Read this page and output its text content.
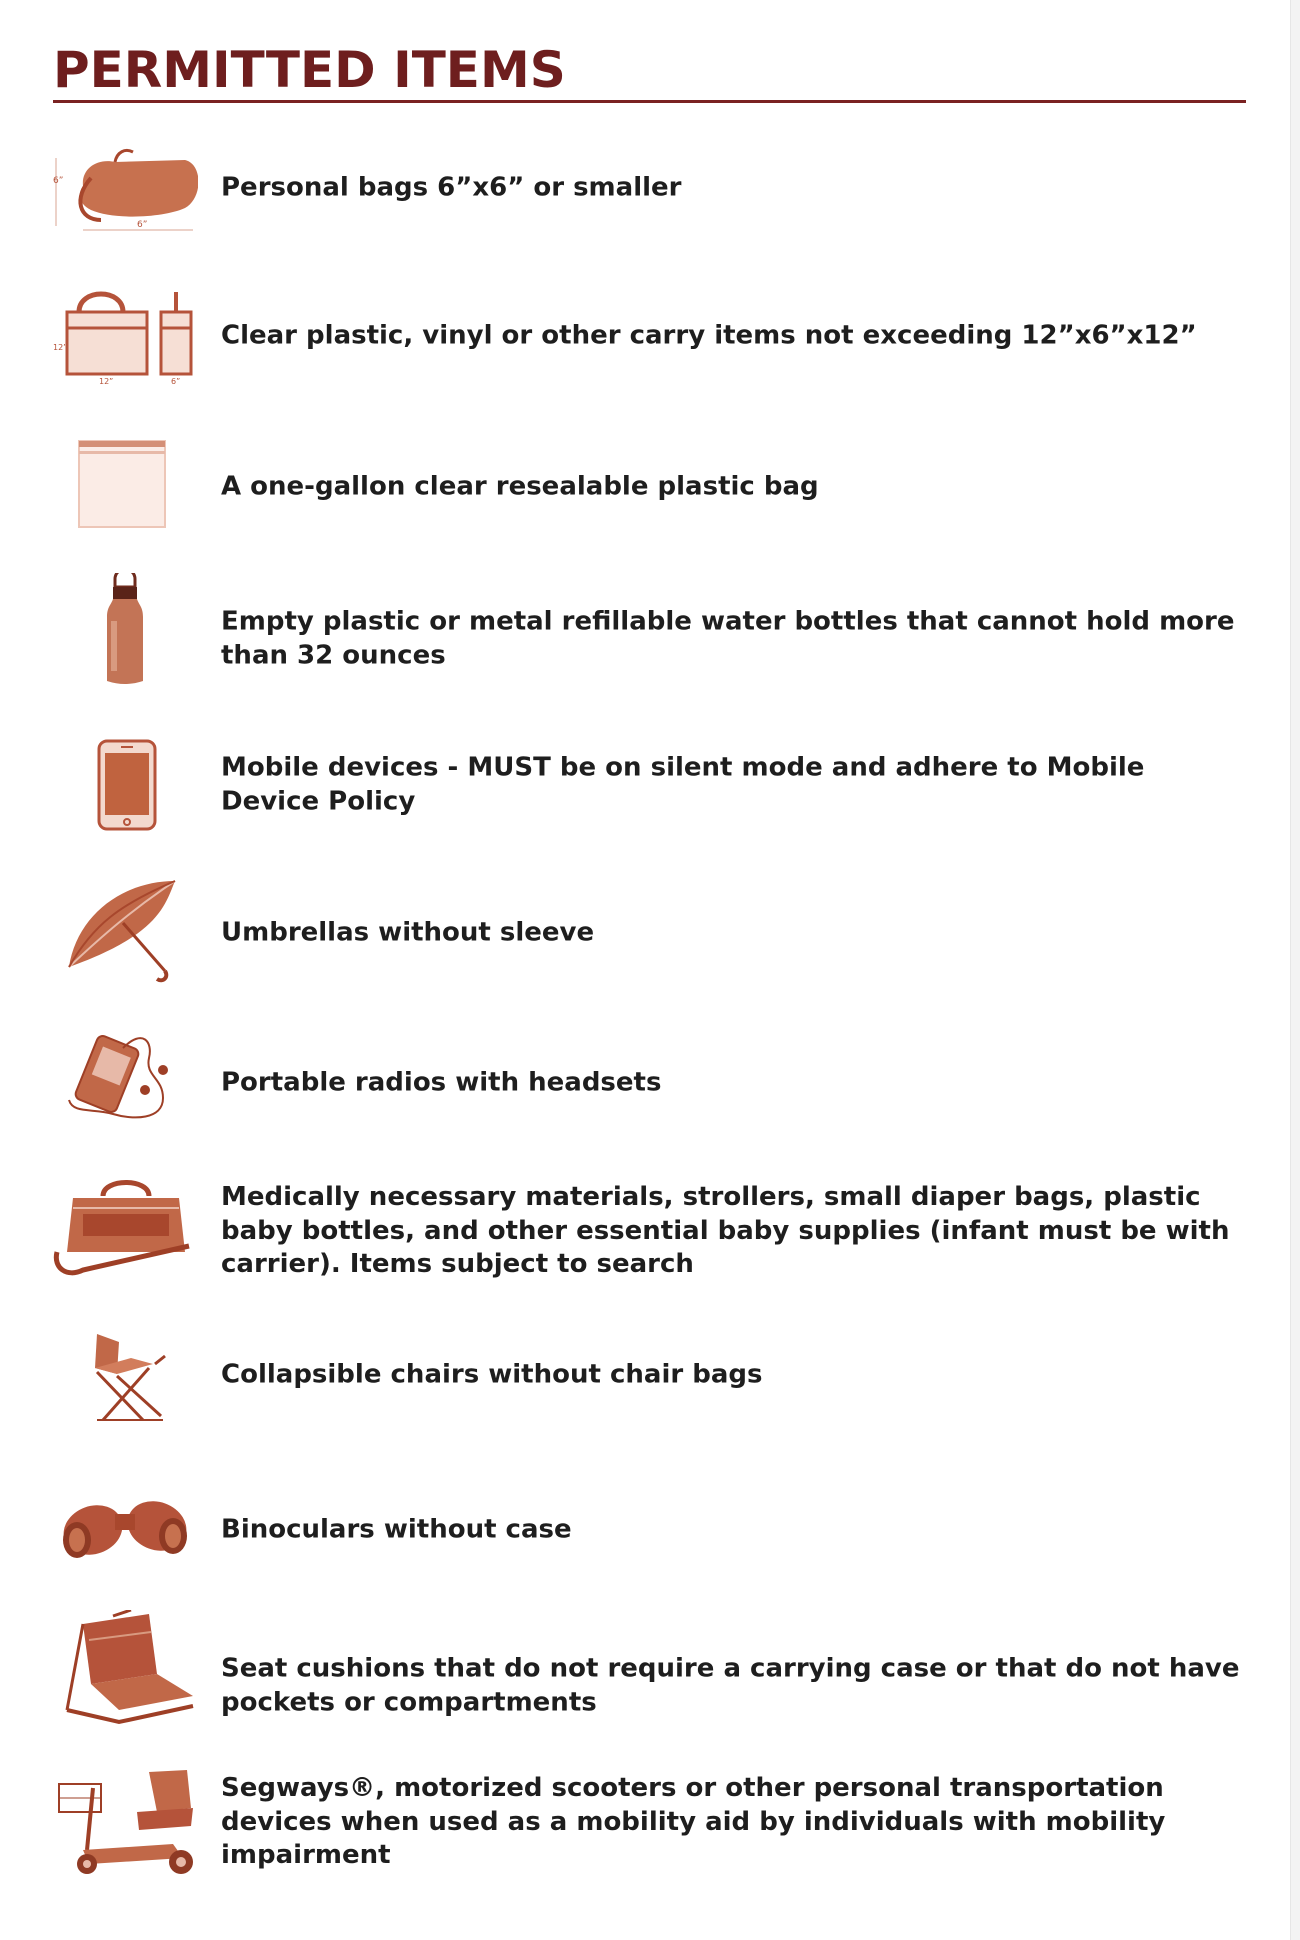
PERMITTED ITEMS
6”
6”

Personal bags 6”x6” or smaller

12”
12”	6”

Clear plastic, vinyl or other carry items not exceeding 12”x6”x12”

A one-gallon clear resealable plastic bag

Empty plastic or metal refillable water bottles that cannot hold more than 32 ounces

Mobile devices - MUST be on silent mode and adhere to Mobile Device Policy

Umbrellas without sleeve

Portable radios with headsets

Medically necessary materials, strollers, small diaper bags, plastic baby bottles, and other essential baby supplies (infant must be with carrier). Items subject to search

Collapsible chairs without chair bags

Binoculars without case

Seat cushions that do not require a carrying case or that do not have pockets or compartments

Segways®, motorized scooters or other personal transportation devices when used as a mobility aid by individuals with mobility impairment
